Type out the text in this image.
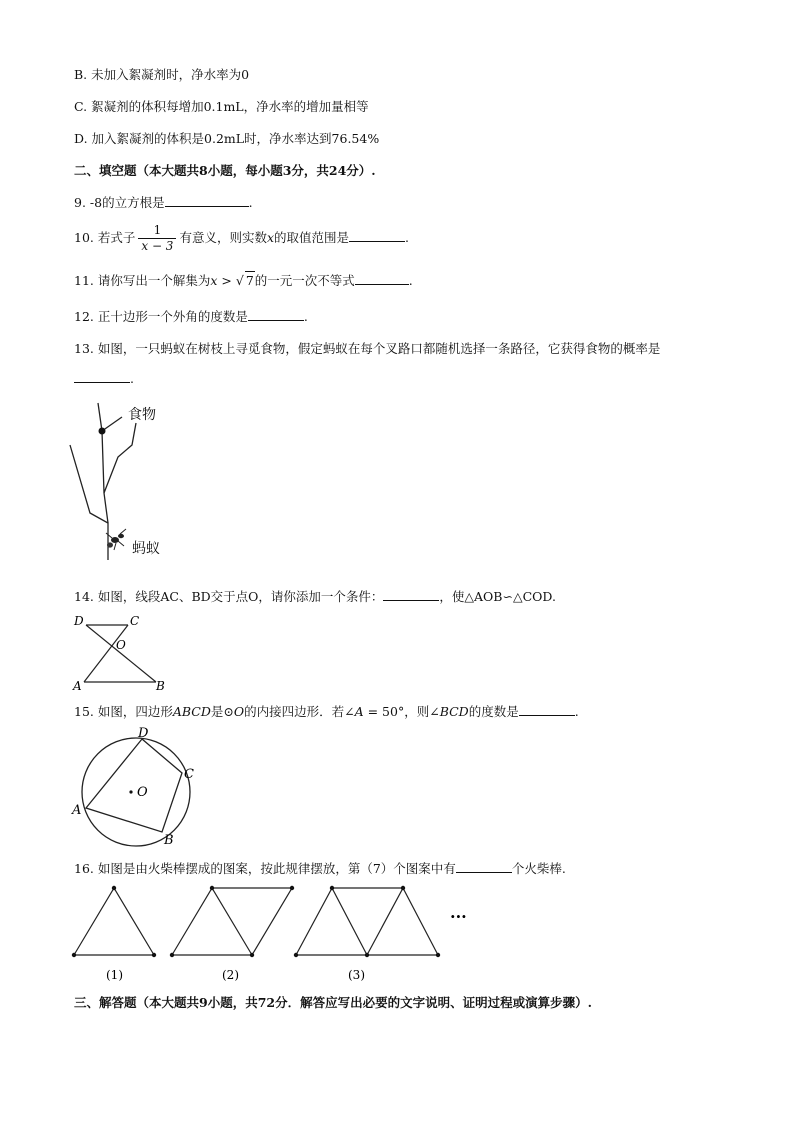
B. 未加入絮凝剂时，净水率为0
C. 絮凝剂的体积每增加0.1mL，净水率的增加量相等
D. 加入絮凝剂的体积是0.2mL时，净水率达到76.54%
二、填空题（本大题共8小题，每小题3分，共24分）.
9. -8的立方根是	.
10. 若式子 $\frac{1}{x - 3}$ 有意义，则实数x的取值范围是	.
11. 请你写出一个解集为x > √ 7的一元一次不等式	.
12. 正十边形一个外角的度数是	.
13. 如图，一只蚂蚁在树枝上寻觅食物，假定蚂蚁在每个叉路口都随机选择一条路径，它获得食物的概率是
.
食物
蚂蚁
14. 如图，线段AC、BD交于点O，请你添加一个条件：	，使△AOB∽△COD.
D	C
O
A	B
15. 如图，四边形ABCD是⊙O的内接四边形．若∠A = 50°，则∠BCD的度数是	.
D
C
O
A
B
16. 如图是由火柴棒摆成的图案，按此规律摆放，第（7）个图案中有	个火柴棒.
(1)	(2)	(3)
···
三、解答题（本大题共9小题，共72分．解答应写出必要的文字说明、证明过程或演算步骤）.
